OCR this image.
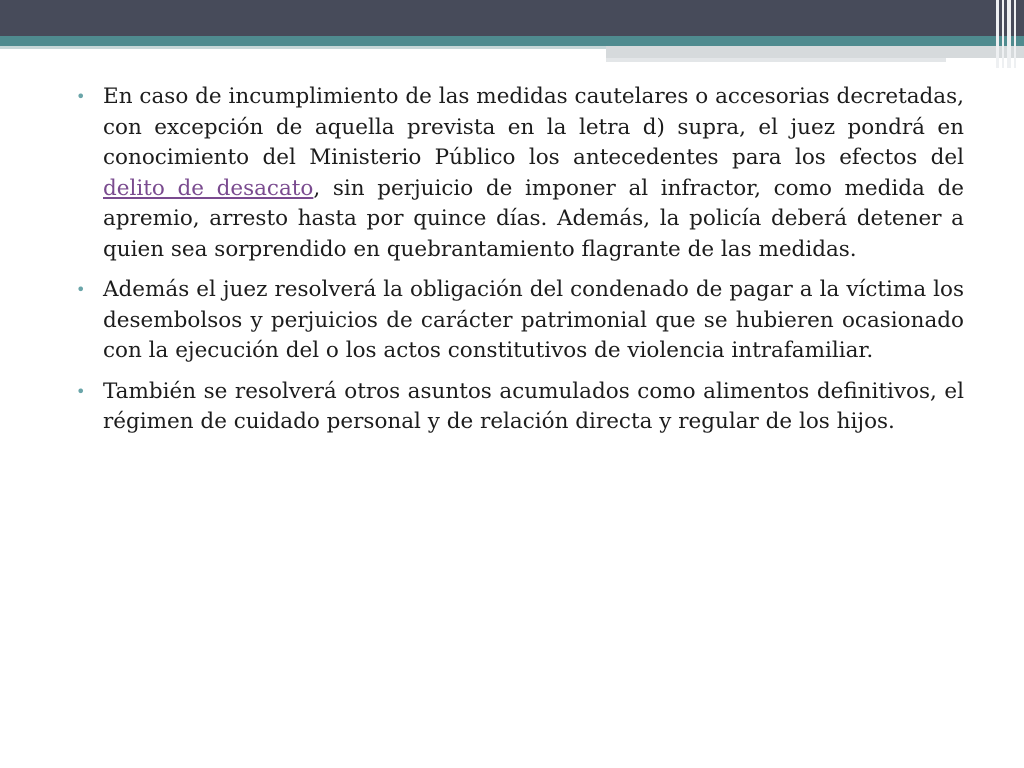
• En caso de incumplimiento de las medidas cautelares o accesorias decretadas, con excepción de aquella prevista en la letra d) supra, el juez pondrá en conocimiento del Ministerio Público los antecedentes para los efectos del delito de desacato, sin perjuicio de imponer al infractor, como medida de apremio, arresto hasta por quince días. Además, la policía deberá detener a quien sea sorprendido en quebrantamiento flagrante de las medidas.
• Además el juez resolverá la obligación del condenado de pagar a la víctima los desembolsos y perjuicios de carácter patrimonial que se hubieren ocasionado con la ejecución del o los actos constitutivos de violencia intrafamiliar.
• También se resolverá otros asuntos acumulados como alimentos definitivos, el régimen de cuidado personal y de relación directa y regular de los hijos.
